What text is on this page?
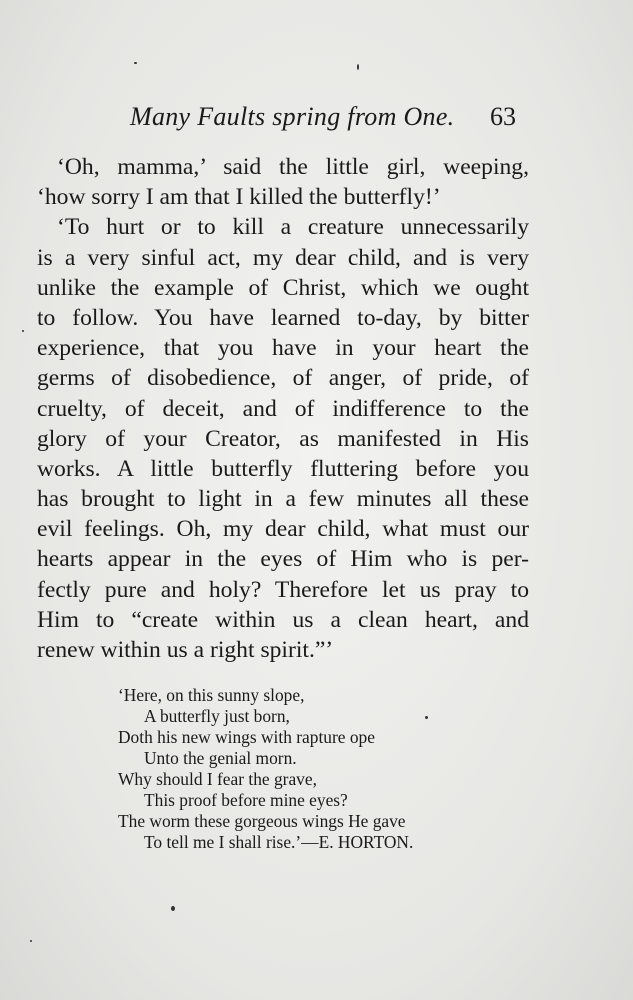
Many Faults spring from One. 63
‘Oh, mamma,’ said the little girl, weeping,
‘how sorry I am that I killed the butterfly!’
‘To hurt or to kill a creature unnecessarily
is a very sinful act, my dear child, and is very
unlike the example of Christ, which we ought
to follow. You have learned to-day, by bitter
experience, that you have in your heart the
germs of disobedience, of anger, of pride, of
cruelty, of deceit, and of indifference to the
glory of your Creator, as manifested in His
works. A little butterfly fluttering before you
has brought to light in a few minutes all these
evil feelings. Oh, my dear child, what must our
hearts appear in the eyes of Him who is per-
fectly pure and holy? Therefore let us pray to
Him to “create within us a clean heart, and
renew within us a right spirit.”’
‘Here, on this sunny slope,
A butterfly just born,
Doth his new wings with rapture ope
Unto the genial morn.
Why should I fear the grave,
This proof before mine eyes?
The worm these gorgeous wings He gave
To tell me I shall rise.’—E. HORTON.
